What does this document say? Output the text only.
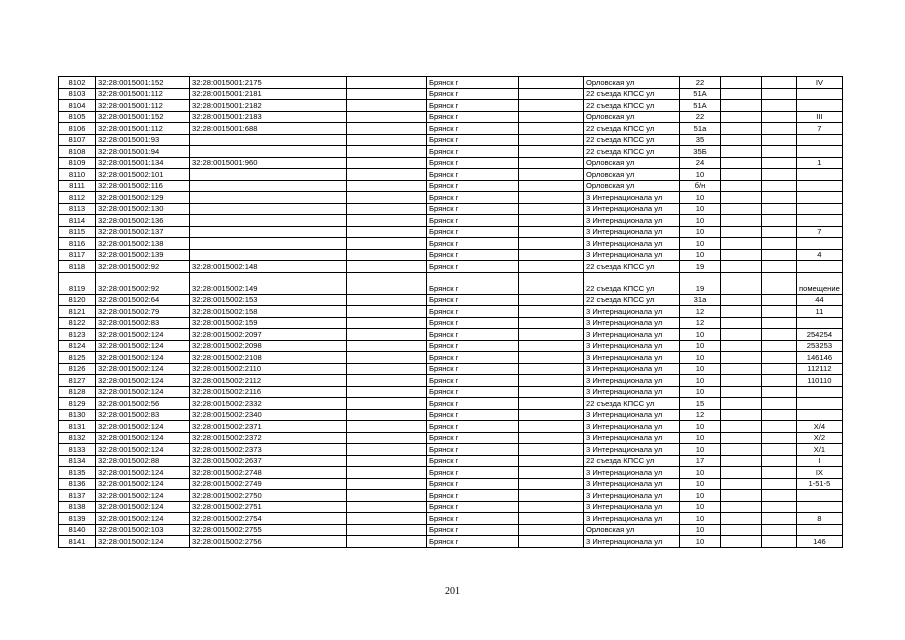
8102	32:28:0015001:152	32:28:0015001:2175		Брянск г		Орловская ул	22			IV
8103	32:28:0015001:112	32:28:0015001:2181		Брянск г		22 съезда КПСС ул	51А			
8104	32:28:0015001:112	32:28:0015001:2182		Брянск г		22 съезда КПСС ул	51А			
8105	32:28:0015001:152	32:28:0015001:2183		Брянск г		Орловская ул	22			III
8106	32:28:0015001:112	32:28:0015001:688		Брянск г		22 съезда КПСС ул	51а			7
8107	32:28:0015001:93			Брянск г		22 съезда КПСС ул	35			
8108	32:28:0015001:94			Брянск г		22 съезда КПСС ул	35Б			
8109	32:28:0015001:134	32:28:0015001:960		Брянск г		Орловская ул	24			1
8110	32:28:0015002:101			Брянск г		Орловская ул	10			
8111	32:28:0015002:116			Брянск г		Орловская ул	б/н			
8112	32:28:0015002:129			Брянск г		3 Интернационала ул	10			
8113	32:28:0015002:130			Брянск г		3 Интернационала ул	10			
8114	32:28:0015002:136			Брянск г		3 Интернационала ул	10			
8115	32:28:0015002:137			Брянск г		3 Интернационала ул	10			7
8116	32:28:0015002:138			Брянск г		3 Интернационала ул	10			
8117	32:28:0015002:139			Брянск г		3 Интернационала ул	10			4
8118	32:28:0015002:92	32:28:0015002:148		Брянск г		22 съезда КПСС ул	19			
8119	32:28:0015002:92	32:28:0015002:149		Брянск г		22 съезда КПСС ул	19			помещение
8120	32:28:0015002:64	32:28:0015002:153		Брянск г		22 съезда КПСС ул	31а			44
8121	32:28:0015002:79	32:28:0015002:158		Брянск г		3 Интернационала ул	12			11
8122	32:28:0015002:83	32:28:0015002:159		Брянск г		3 Интернационала ул	12			
8123	32:28:0015002:124	32:28:0015002:2097		Брянск г		3 Интернационала ул	10			254254
8124	32:28:0015002:124	32:28:0015002:2098		Брянск г		3 Интернационала ул	10			253253
8125	32:28:0015002:124	32:28:0015002:2108		Брянск г		3 Интернационала ул	10			146146
8126	32:28:0015002:124	32:28:0015002:2110		Брянск г		3 Интернационала ул	10			112112
8127	32:28:0015002:124	32:28:0015002:2112		Брянск г		3 Интернационала ул	10			110110
8128	32:28:0015002:124	32:28:0015002:2116		Брянск г		3 Интернационала ул	10			
8129	32:28:0015002:56	32:28:0015002:2332		Брянск г		22 съезда КПСС ул	15			
8130	32:28:0015002:83	32:28:0015002:2340		Брянск г		3 Интернационала ул	12			
8131	32:28:0015002:124	32:28:0015002:2371		Брянск г		3 Интернационала ул	10			X/4
8132	32:28:0015002:124	32:28:0015002:2372		Брянск г		3 Интернационала ул	10			X/2
8133	32:28:0015002:124	32:28:0015002:2373		Брянск г		3 Интернационала ул	10			X/1
8134	32:28:0015002:88	32:28:0015002:2637		Брянск г		22 съезда КПСС ул	17			I
8135	32:28:0015002:124	32:28:0015002:2748		Брянск г		3 Интернационала ул	10			IX
8136	32:28:0015002:124	32:28:0015002:2749		Брянск г		3 Интернационала ул	10			1-51-5
8137	32:28:0015002:124	32:28:0015002:2750		Брянск г		3 Интернационала ул	10			
8138	32:28:0015002:124	32:28:0015002:2751		Брянск г		3 Интернационала ул	10			
8139	32:28:0015002:124	32:28:0015002:2754		Брянск г		3 Интернационала ул	10			8
8140	32:28:0015002:103	32:28:0015002:2755		Брянск г		Орловская ул	10			
8141	32:28:0015002:124	32:28:0015002:2756		Брянск г		3 Интернационала ул	10			146
201
